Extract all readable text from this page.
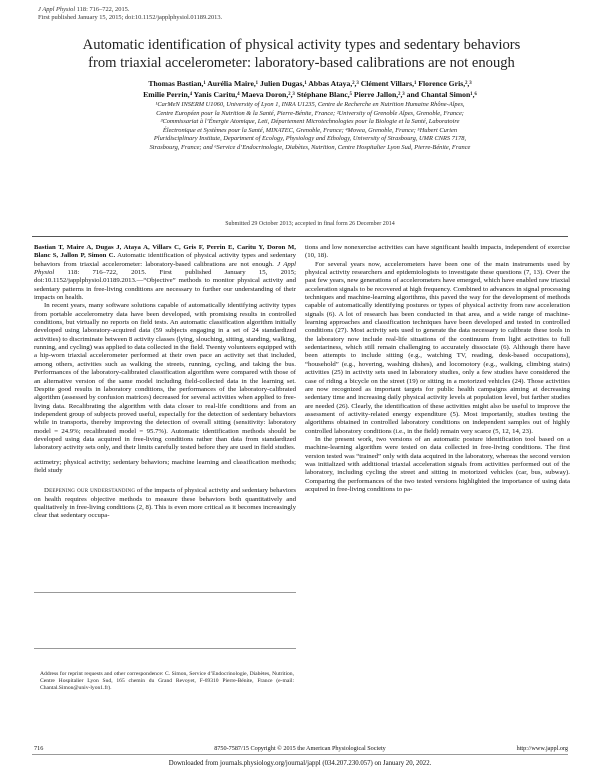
J Appl Physiol 118: 716–722, 2015.
First published January 15, 2015; doi:10.1152/japplphysiol.01189.2013.
Automatic identification of physical activity types and sedentary behaviors
from triaxial accelerometer: laboratory-based calibrations are not enough
Thomas Bastian,¹ Aurélia Maire,¹ Julien Dugas,¹ Abbas Ataya,²,³ Clément Villars,¹ Florence Gris,²,³
Emilie Perrin,⁴ Yanis Caritu,⁴ Maeva Doron,²,³ Stéphane Blanc,⁵ Pierre Jallon,²,³ and Chantal Simon¹,⁶
¹CarMeN INSERM U1060, University of Lyon 1, INRA U1235, Centre de Recherche en Nutrition Humaine Rhône-Alpes,
Centre Européen pour la Nutrition & la Santé, Pierre-Bénite, France; ²University of Grenoble Alpes, Grenoble, France;
³Commissariat à l’Énergie Atomique, Leti, Département Microtechnologies pour la Biologie et la Santé, Laboratoire
Électronique et Systèmes pour la Santé, MINATEC, Grenoble, France; ⁴Movea, Grenoble, France; ⁵Hubert Curien
Pluridisciplinary Institute, Department of Ecology, Physiology and Ethology, University of Strasbourg, UMR CNRS 7178,
Strasbourg, France; and ⁶Service d’Endocrinologie, Diabètes, Nutrition, Centre Hospitalier Lyon Sud, Pierre-Bénite, France
Submitted 29 October 2013; accepted in final form 26 December 2014

Bastian T, Maire A, Dugas J, Ataya A, Villars C, Gris F, Perrin E, Caritu Y, Doron M, Blanc S, Jallon P, Simon C. Automatic identification of physical activity types and sedentary behaviors from triaxial accelerometer: laboratory-based calibrations are not enough. J Appl Physiol 118: 716–722, 2015. First published January 15, 2015; doi:10.1152/japplphysiol.01189.2013.—“Objective” methods to monitor physical activity and sedentary patterns in free-living conditions are necessary to further our understanding of their impacts on health.

In recent years, many software solutions capable of automatically identifying activity types from portable accelerometry data have been developed, with promising results in controlled conditions, but virtually no reports on field tests. An automatic classification algorithm initially developed using laboratory-acquired data (59 subjects engaging in a set of 24 standardized activities) to discriminate between 8 activity classes (lying, slouching, sitting, standing, walking, running, and cycling) was applied to data collected in the field. Twenty volunteers equipped with a hip-worn triaxial accelerometer performed at their own pace an activity set that included, among others, activities such as walking the streets, running, cycling, and taking the bus. Performances of the laboratory-calibrated classification algorithm were compared with those of an alternative version of the same model including field-collected data in the learning set. Despite good results in laboratory conditions, the performances of the laboratory-calibrated algorithm (assessed by confusion matrices) decreased for several activities when applied to free-living data. Recalibrating the algorithm with data closer to real-life conditions and from an independent group of subjects proved useful, especially for the detection of sedentary behaviors while in transports, thereby improving the detection of overall sitting (sensitivity: laboratory model = 24.9%; recalibrated model = 95.7%). Automatic identification methods should be developed using data acquired in free-living conditions rather than data from standardized laboratory activity sets only, and their limits carefully tested before they are used in field studies.

actimetry; physical activity; sedentary behaviors; machine learning and classification methods; field study

Deepening our understanding of the impacts of physical activity and sedentary behaviors on health requires objective methods to measure these behaviors both quantitatively and qualitatively in free-living conditions (2, 8). This is even more critical as it becomes increasingly clear that sedentary occupa-

tions and low nonexercise activities can have significant health impacts, independent of exercise (10, 18).

For several years now, accelerometers have been one of the main instruments used by physical activity researchers and epidemiologists to investigate these questions (7, 13). Over the past few years, new generations of accelerometers have emerged, which have enabled raw triaxial acceleration signals to be recovered at high frequency. Combined to advances in signal processing techniques and machine-learning algorithms, this paved the way for the development of methods capable of automatically identifying postures or types of physical activity from raw acceleration signals (6). A lot of research has been conducted in that area, and a wide range of machine-learning approaches and classification techniques have been developed and tested in controlled conditions (27). Most activity sets used to generate the data necessary to calibrate these tools in the laboratory now include real-life situations of the continuum from light activities to full sedentariness, which still remain challenging to accurately dissociate (6). Although there have been attempts to include sitting (e.g., watching TV, reading, desk-based occupations), “household” (e.g., hovering, washing dishes), and locomotory (e.g., walking, climbing stairs) activities (25) in activity sets used in laboratory studies, only a few studies have considered the case of riding a bicycle on the street (19) or sitting in a motorized vehicles (24). Those activities are now recognized as important targets for public health campaigns aiming at decreasing sedentary time and increasing daily physical activity levels at population level, but farther studies are needed (26). Clearly, the identification of these activities might also be useful to improve the assessment of activity-related energy expenditure (5). Most importantly, studies testing the algorithms obtained in controlled laboratory conditions on independent samples out of highly controlled laboratory conditions (i.e., in the field) remain very scarce (5, 12, 14, 23).

In the present work, two versions of an automatic posture identification tool based on a machine-learning algorithm were tested on data collected in free-living conditions. The first version tested was “trained” only with data acquired in the laboratory, whereas the second version was initialized with additional triaxial acceleration signals from activities performed out of the laboratory, including cycling the street and sitting in motorized vehicles (car, bus, subway). Comparing the performances of the two tested versions highlighted the importance of using data acquired in free-living conditions to pa-

Address for reprint requests and other correspondence: C. Simon, Service d’Endocrinologie, Diabètes, Nutrition, Centre Hospitalier Lyon Sud, 165 chemin du Grand Revoyet, F-69310 Pierre-Bénite, France (e-mail: Chantal.Simon@univ-lyon1.fr).
716	8750-7587/15 Copyright © 2015 the American Physiological Society	http://www.jappl.org
Downloaded from journals.physiology.org/journal/jappl (034.207.230.057) on January 20, 2022.
